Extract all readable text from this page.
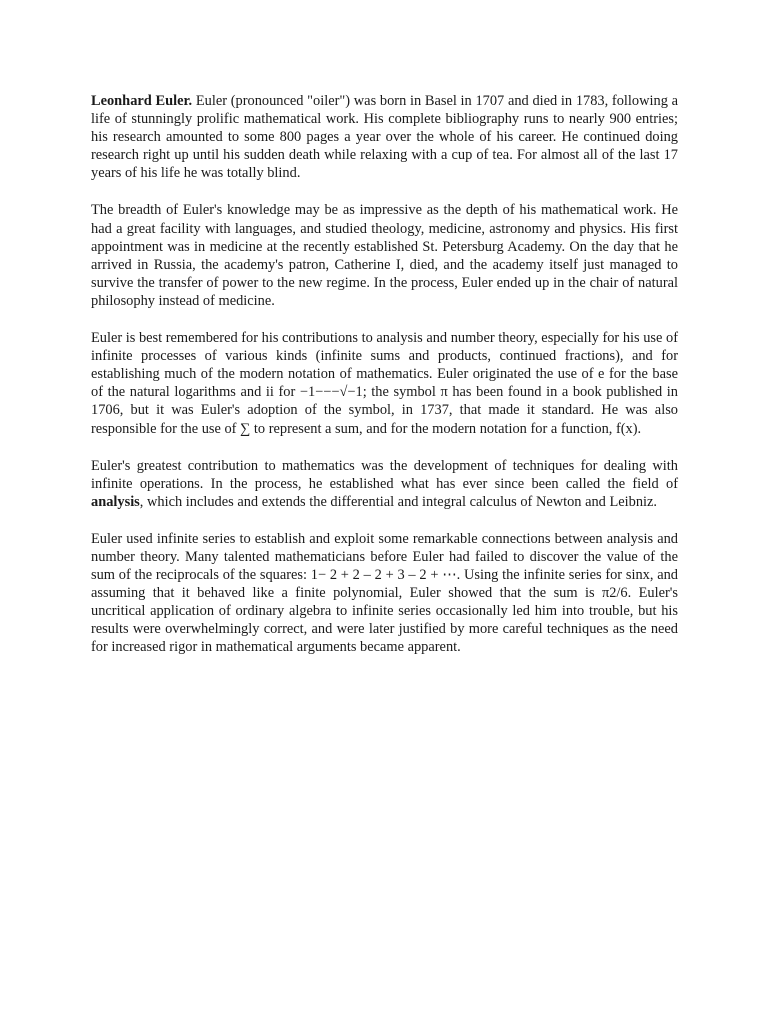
Leonhard Euler. Euler (pronounced "oiler") was born in Basel in 1707 and died in 1783, following a life of stunningly prolific mathematical work. His complete bibliography runs to nearly 900 entries; his research amounted to some 800 pages a year over the whole of his career. He continued doing research right up until his sudden death while relaxing with a cup of tea. For almost all of the last 17 years of his life he was totally blind.

The breadth of Euler's knowledge may be as impressive as the depth of his mathematical work. He had a great facility with languages, and studied theology, medicine, astronomy and physics. His first appointment was in medicine at the recently established St. Petersburg Academy. On the day that he arrived in Russia, the academy's patron, Catherine I, died, and the academy itself just managed to survive the transfer of power to the new regime. In the process, Euler ended up in the chair of natural philosophy instead of medicine.

Euler is best remembered for his contributions to analysis and number theory, especially for his use of infinite processes of various kinds (infinite sums and products, continued fractions), and for establishing much of the modern notation of mathematics. Euler originated the use of e for the base of the natural logarithms and ii for −1−−−√−1; the symbol π has been found in a book published in 1706, but it was Euler's adoption of the symbol, in 1737, that made it standard. He was also responsible for the use of ∑ to represent a sum, and for the modern notation for a function, f(x).

Euler's greatest contribution to mathematics was the development of techniques for dealing with infinite operations. In the process, he established what has ever since been called the field of analysis, which includes and extends the differential and integral calculus of Newton and Leibniz.

Euler used infinite series to establish and exploit some remarkable connections between analysis and number theory. Many talented mathematicians before Euler had failed to discover the value of the sum of the reciprocals of the squares: 1− 2 + 2 – 2 + 3 – 2 + ⋯. Using the infinite series for sinx, and assuming that it behaved like a finite polynomial, Euler showed that the sum is π2/6. Euler's uncritical application of ordinary algebra to infinite series occasionally led him into trouble, but his results were overwhelmingly correct, and were later justified by more careful techniques as the need for increased rigor in mathematical arguments became apparent.
